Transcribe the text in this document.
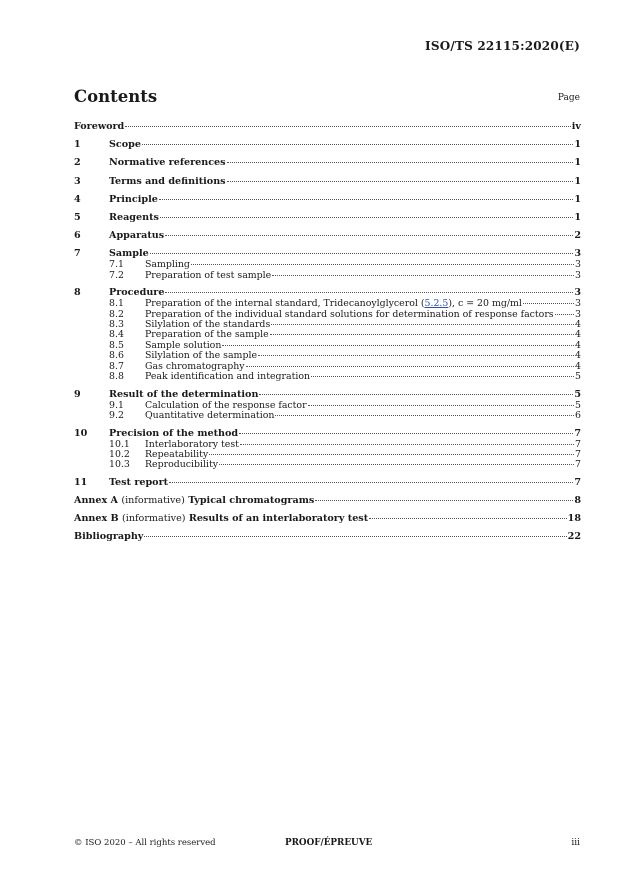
ISO/TS 22115:2020(E)
Contents	Page
Foreword	iv
1	Scope	1
2	Normative references	1
3	Terms and definitions	1
4	Principle	1
5	Reagents	1
6	Apparatus	2
7	Sample	3
7.1	Sampling	3
7.2	Preparation of test sample	3
8	Procedure	3
8.1	Preparation of the internal standard, Tridecanoylglycerol (5.2.5), c = 20 mg/ml	3
8.2	Preparation of the individual standard solutions for determination of response factors 3
8.3	Silylation of the standards	4
8.4	Preparation of the sample	4
8.5	Sample solution	4
8.6	Silylation of the sample	4
8.7	Gas chromatography	4
8.8	Peak identification and integration	5
9	Result of the determination	5
9.1	Calculation of the response factor	5
9.2	Quantitative determination	6
10	Precision of the method	7
10.1	Interlaboratory test	7
10.2	Repeatability	7
10.3	Reproducibility	7
11	Test report	7
Annex A (informative) Typical chromatograms	8
Annex B (informative) Results of an interlaboratory test	18
Bibliography	22
© ISO 2020 – All rights reserved	PROOF/ÉPREUVE	iii
